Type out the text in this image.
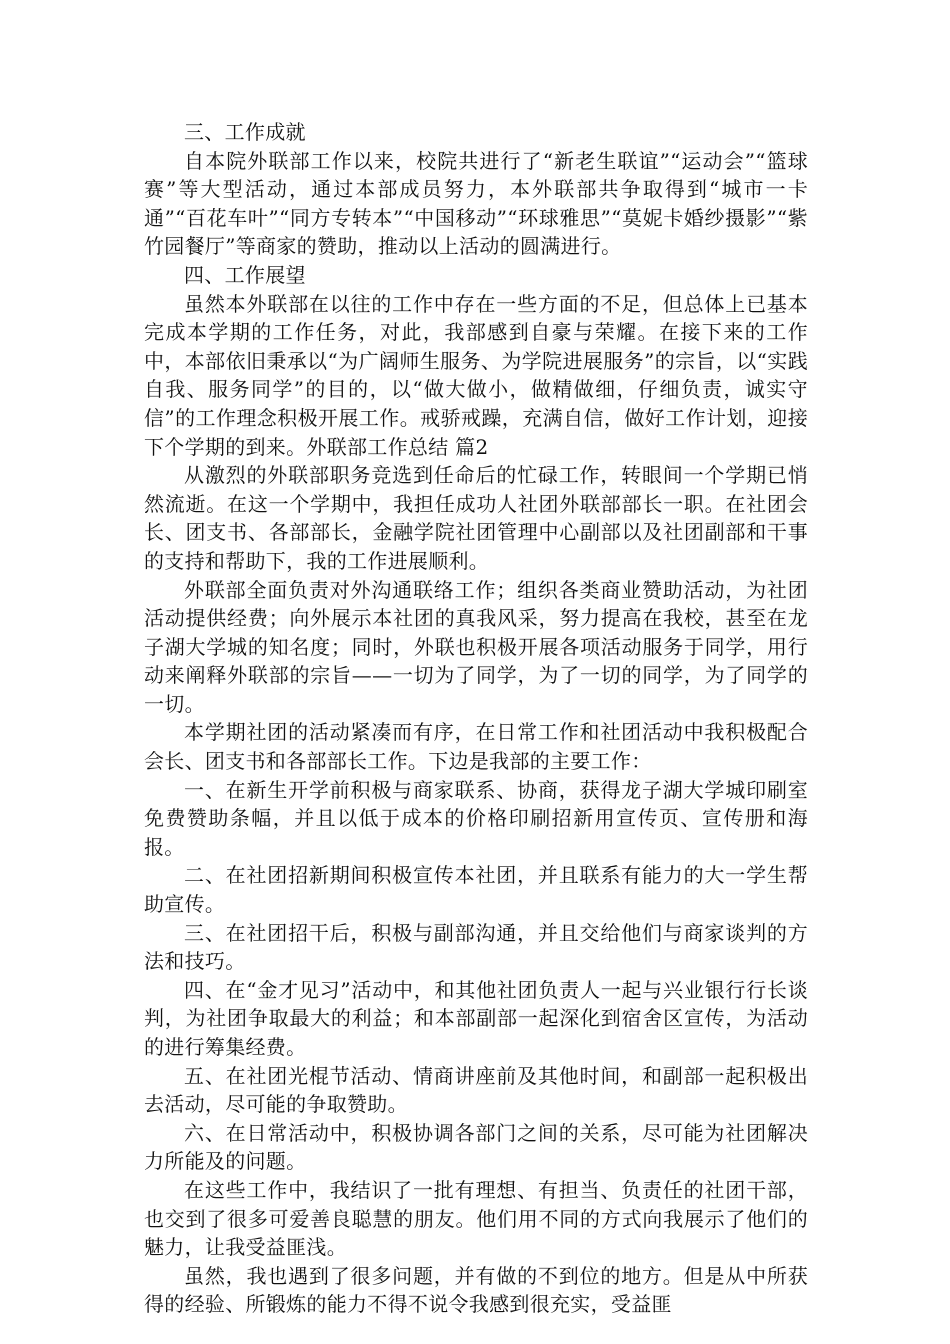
三、工作成就

自本院外联部工作以来，校院共进行了“新老生联谊”“运动会”“篮球赛”等大型活动，通过本部成员努力，本外联部共争取得到“城市一卡通”“百花车叶”“同方专转本”“中国移动”“环球雅思”“莫妮卡婚纱摄影”“紫竹园餐厅”等商家的赞助，推动以上活动的圆满进行。

四、工作展望

虽然本外联部在以往的工作中存在一些方面的不足，但总体上已基本完成本学期的工作任务，对此，我部感到自豪与荣耀。在接下来的工作中，本部依旧秉承以“为广阔师生服务、为学院进展服务”的宗旨，以“实践自我、服务同学”的目的，以“做大做小，做精做细，仔细负责，诚实守信”的工作理念积极开展工作。戒骄戒躁，充满自信，做好工作计划，迎接下个学期的到来。外联部工作总结 篇2

从激烈的外联部职务竞选到任命后的忙碌工作，转眼间一个学期已悄然流逝。在这一个学期中，我担任成功人社团外联部部长一职。在社团会长、团支书、各部部长，金融学院社团管理中心副部以及社团副部和干事的支持和帮助下，我的工作进展顺利。

外联部全面负责对外沟通联络工作；组织各类商业赞助活动，为社团活动提供经费；向外展示本社团的真我风采，努力提高在我校，甚至在龙子湖大学城的知名度；同时，外联也积极开展各项活动服务于同学，用行动来阐释外联部的宗旨——一切为了同学，为了一切的同学，为了同学的一切。

本学期社团的活动紧凑而有序，在日常工作和社团活动中我积极配合会长、团支书和各部部长工作。下边是我部的主要工作：

一、在新生开学前积极与商家联系、协商，获得龙子湖大学城印刷室免费赞助条幅，并且以低于成本的价格印刷招新用宣传页、宣传册和海报。

二、在社团招新期间积极宣传本社团，并且联系有能力的大一学生帮助宣传。

三、在社团招干后，积极与副部沟通，并且交给他们与商家谈判的方法和技巧。

四、在“金才见习”活动中，和其他社团负责人一起与兴业银行行长谈判，为社团争取最大的利益；和本部副部一起深化到宿舍区宣传，为活动的进行筹集经费。

五、在社团光棍节活动、情商讲座前及其他时间，和副部一起积极出去活动，尽可能的争取赞助。

六、在日常活动中，积极协调各部门之间的关系，尽可能为社团解决力所能及的问题。

在这些工作中，我结识了一批有理想、有担当、负责任的社团干部，也交到了很多可爱善良聪慧的朋友。他们用不同的方式向我展示了他们的魅力，让我受益匪浅。

虽然，我也遇到了很多问题，并有做的不到位的地方。但是从中所获得的经验、所锻炼的能力不得不说令我感到很充实，受益匪
